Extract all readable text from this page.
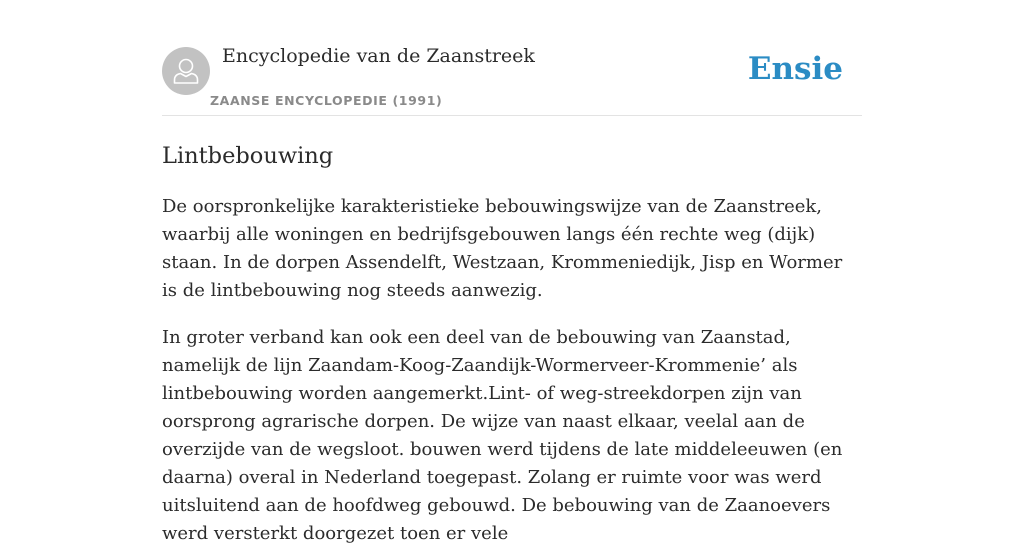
Encyclopedie van de Zaanstreek
ZAANSE ENCYCLOPEDIE (1991)
Ensie
Lintbebouwing

De oorspronkelijke karakteristieke bebouwingswijze van de Zaanstreek, waarbij alle woningen en bedrijfsgebouwen langs één rechte weg (dijk) staan. In de dorpen Assendelft, Westzaan, Krommeniedijk, Jisp en Wormer is de lintbebouwing nog steeds aanwezig.

In groter verband kan ook een deel van de bebouwing van Zaanstad, namelijk de lijn Zaandam-Koog-Zaandijk-Wormerveer-Krommenie’ als lintbebouwing worden aangemerkt.Lint- of weg-streekdorpen zijn van oorsprong agrarische dorpen. De wijze van naast elkaar, veelal aan de overzijde van de wegsloot. bouwen werd tijdens de late middeleeuwen (en daarna) overal in Nederland toegepast. Zolang er ruimte voor was werd uitsluitend aan de hoofdweg gebouwd. De bebouwing van de Zaanoevers werd versterkt doorgezet toen er vele
